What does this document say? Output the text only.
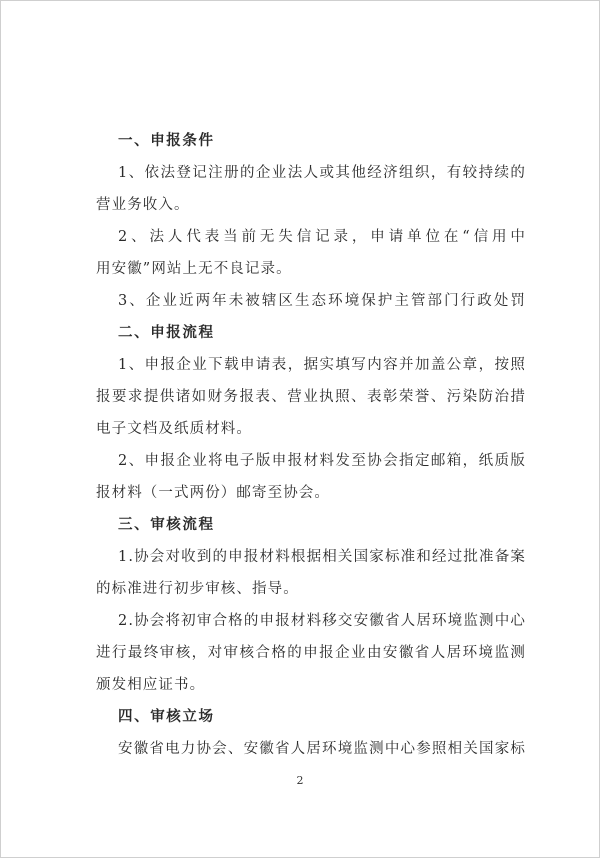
一、申报条件
1、依法登记注册的企业法人或其他经济组织，有较持续的
营业务收入。
2、法人代表当前无失信记录，申请单位在“信用中
用安徽”网站上无不良记录。
3、企业近两年未被辖区生态环境保护主管部门行政处罚
二、申报流程
1、申报企业下载申请表，据实填写内容并加盖公章，按照
报要求提供诸如财务报表、营业执照、表彰荣誉、污染防治措
电子文档及纸质材料。
2、申报企业将电子版申报材料发至协会指定邮箱，纸质版
报材料（一式两份）邮寄至协会。
三、审核流程
1.协会对收到的申报材料根据相关国家标准和经过批准备案
的标准进行初步审核、指导。
2.协会将初审合格的申报材料移交安徽省人居环境监测中心
进行最终审核，对审核合格的申报企业由安徽省人居环境监测
颁发相应证书。
四、审核立场
安徽省电力协会、安徽省人居环境监测中心参照相关国家标
2
